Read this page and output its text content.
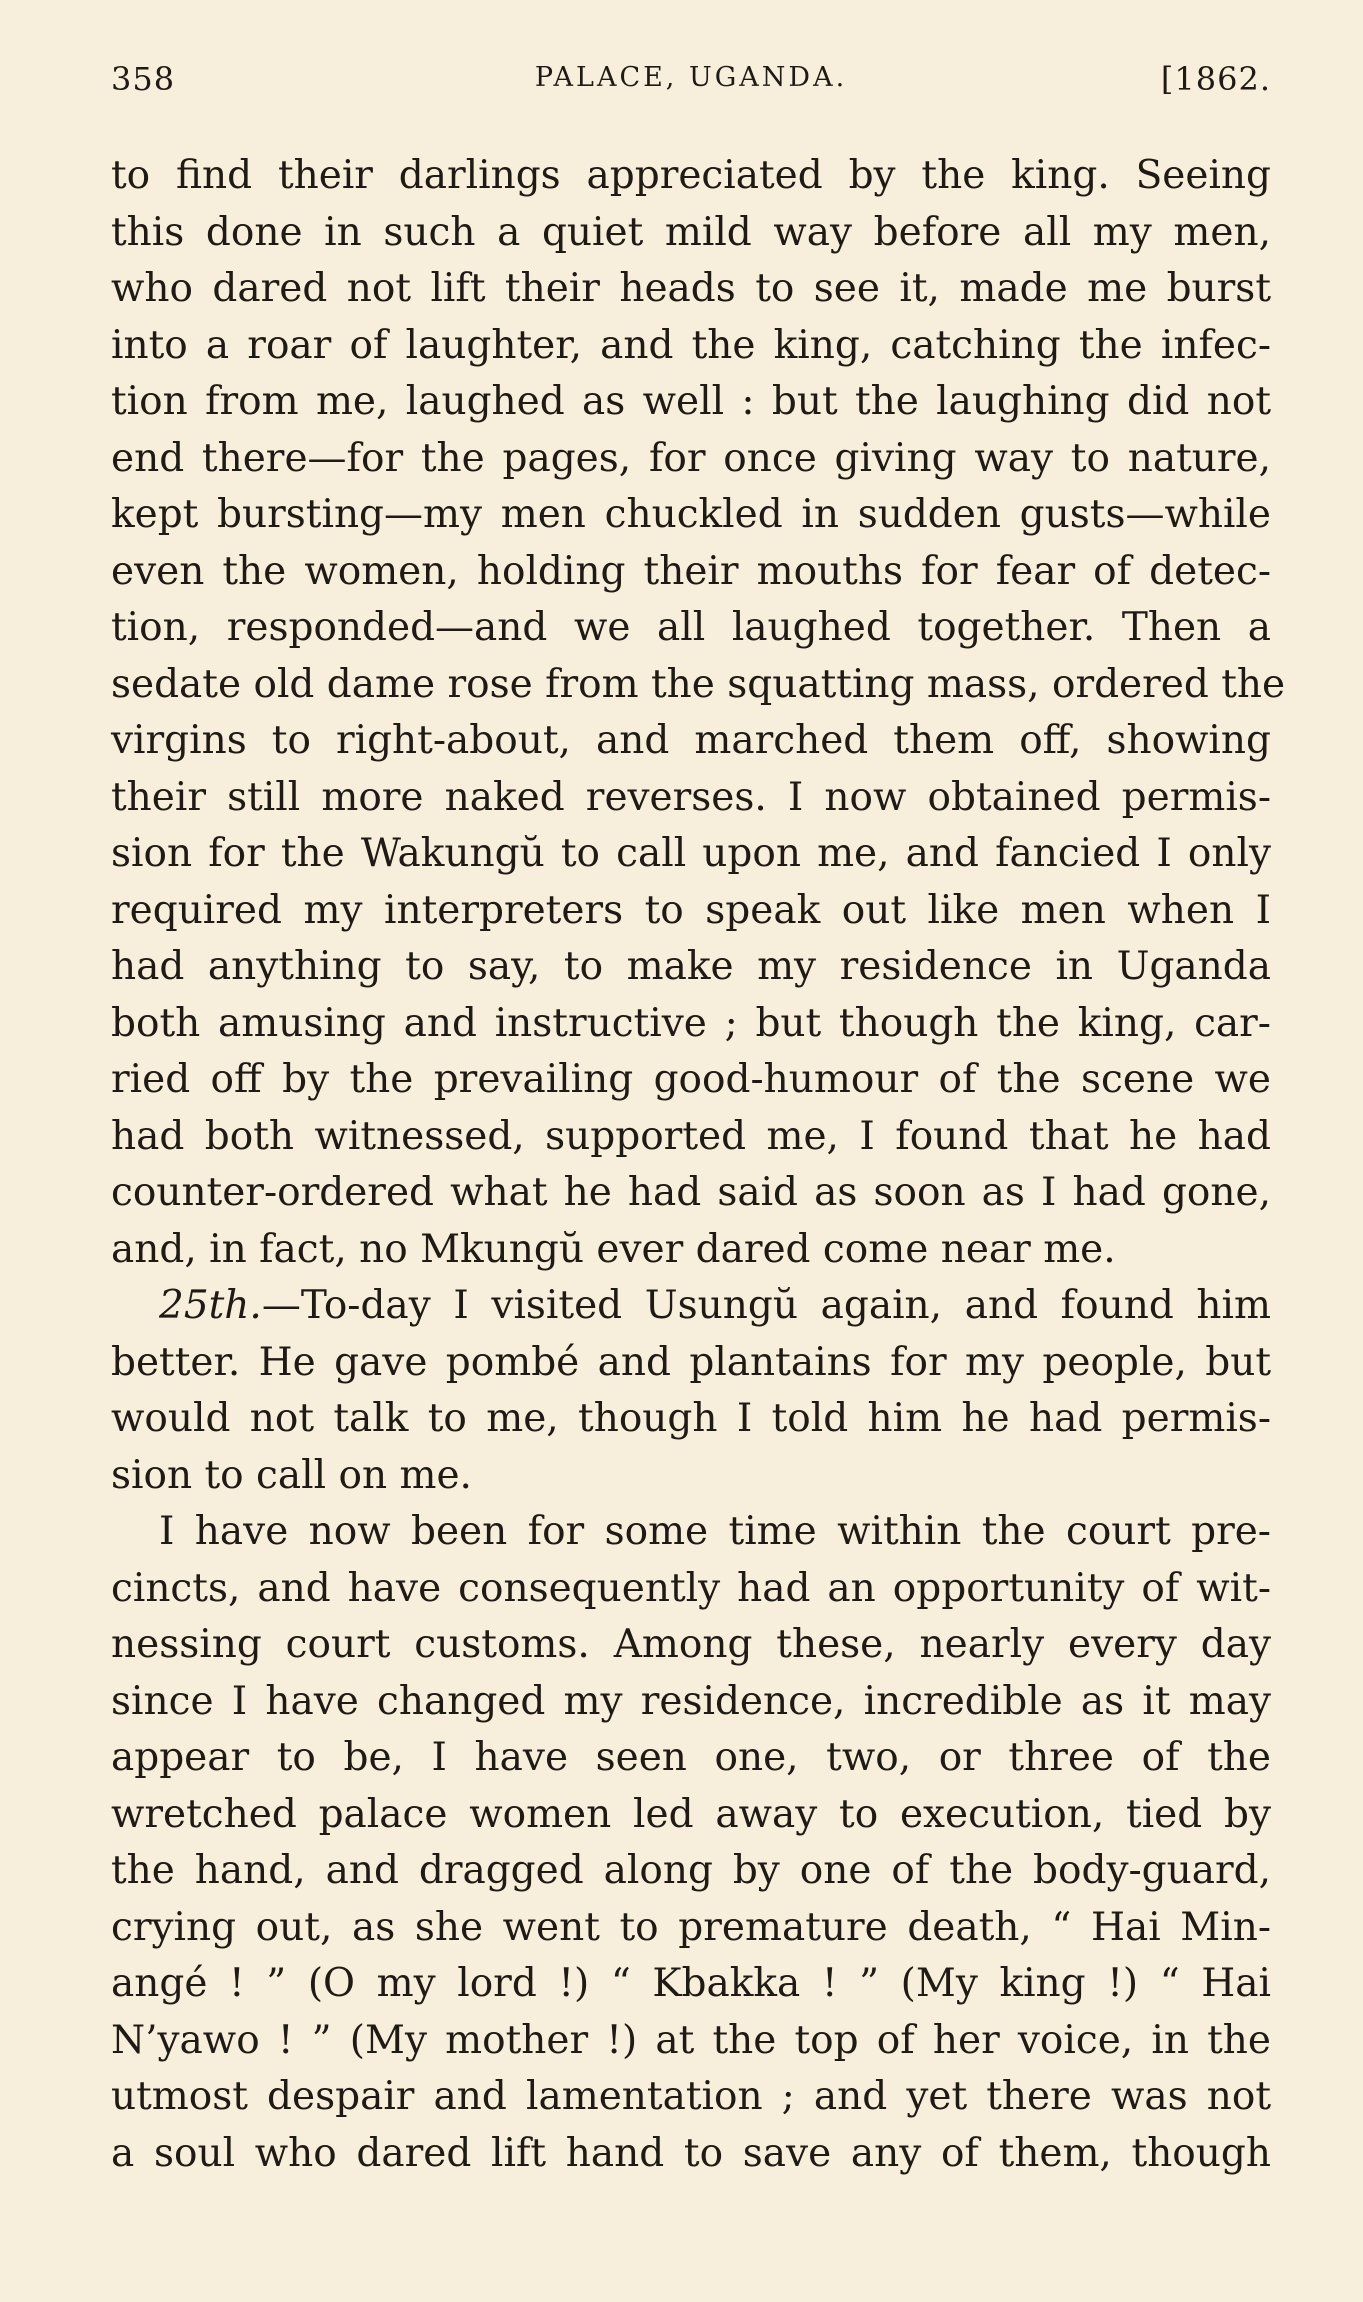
358	PALACE, UGANDA.	[1862.
to find their darlings appreciated by the king. Seeing
this done in such a quiet mild way before all my men,
who dared not lift their heads to see it, made me burst
into a roar of laughter, and the king, catching the infec-
tion from me, laughed as well : but the laughing did not
end there—for the pages, for once giving way to nature,
kept bursting—my men chuckled in sudden gusts—while
even the women, holding their mouths for fear of detec-
tion, responded—and we all laughed together. Then a
sedate old dame rose from the squatting mass, ordered the
virgins to right-about, and marched them off, showing
their still more naked reverses. I now obtained permis-
sion for the Wakungŭ to call upon me, and fancied I only
required my interpreters to speak out like men when I
had anything to say, to make my residence in Uganda
both amusing and instructive ; but though the king, car-
ried off by the prevailing good-humour of the scene we
had both witnessed, supported me, I found that he had
counter-ordered what he had said as soon as I had gone,
and, in fact, no Mkungŭ ever dared come near me.
25th.—To-day I visited Usungŭ again, and found him
better. He gave pombé and plantains for my people, but
would not talk to me, though I told him he had permis-
sion to call on me.
I have now been for some time within the court pre-
cincts, and have consequently had an opportunity of wit-
nessing court customs. Among these, nearly every day
since I have changed my residence, incredible as it may
appear to be, I have seen one, two, or three of the
wretched palace women led away to execution, tied by
the hand, and dragged along by one of the body-guard,
crying out, as she went to premature death, “ Hai Min-
angé ! ” (O my lord !) “ Kbakka ! ” (My king !) “ Hai
N’yawo ! ” (My mother !) at the top of her voice, in the
utmost despair and lamentation ; and yet there was not
a soul who dared lift hand to save any of them, though
